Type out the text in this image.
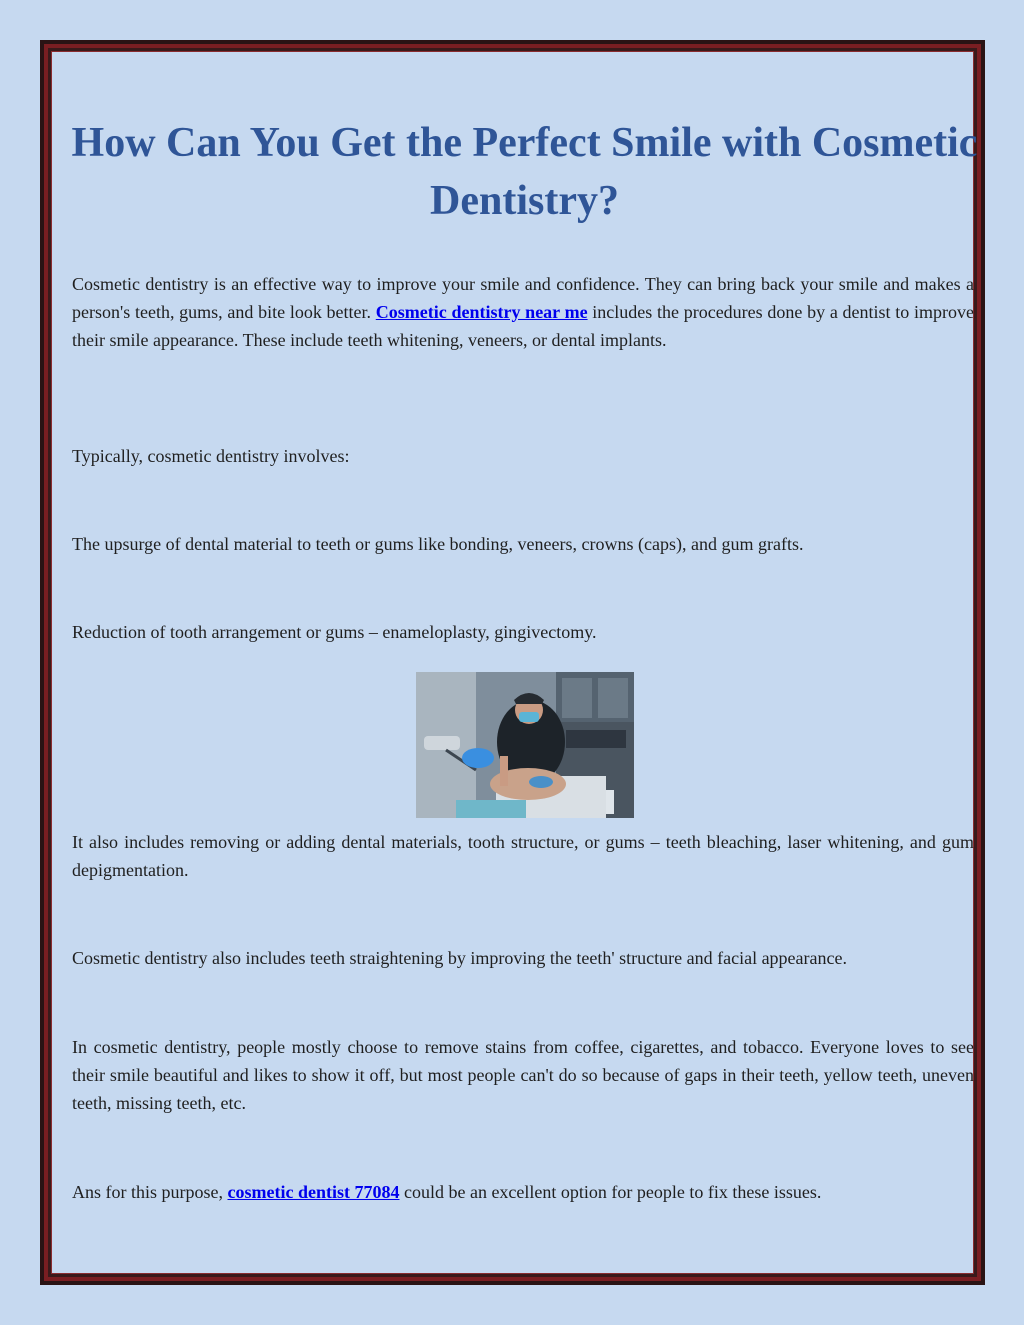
How Can You Get the Perfect Smile with Cosmetic Dentistry?

Cosmetic dentistry is an effective way to improve your smile and confidence. They can bring back your smile and makes a person's teeth, gums, and bite look better. Cosmetic dentistry near me includes the procedures done by a dentist to improve their smile appearance. These include teeth whitening, veneers, or dental implants.

Typically, cosmetic dentistry involves:

The upsurge of dental material to teeth or gums like bonding, veneers, crowns (caps), and gum grafts.

Reduction of tooth arrangement or gums – enameloplasty, gingivectomy.

It also includes removing or adding dental materials, tooth structure, or gums – teeth bleaching, laser whitening, and gum depigmentation.

Cosmetic dentistry also includes teeth straightening by improving the teeth' structure and facial appearance.

In cosmetic dentistry, people mostly choose to remove stains from coffee, cigarettes, and tobacco. Everyone loves to see their smile beautiful and likes to show it off, but most people can't do so because of gaps in their teeth, yellow teeth, uneven teeth, missing teeth, etc.

Ans for this purpose, cosmetic dentist 77084 could be an excellent option for people to fix these issues.
